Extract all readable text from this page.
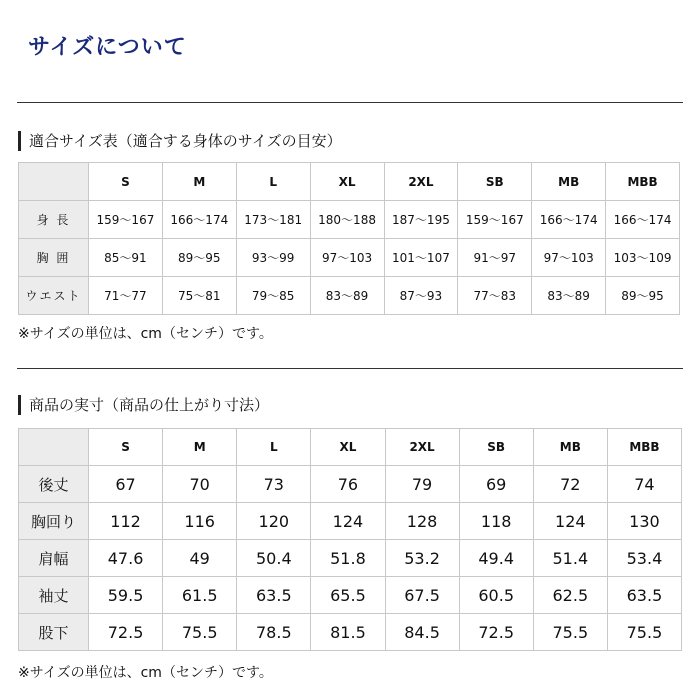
サイズについて
適合サイズ表（適合する身体のサイズの目安）
	S	M	L	XL	2XL	SB	MB	MBB
身 長	159〜167	166〜174	173〜181	180〜188	187〜195	159〜167	166〜174	166〜174
胸 囲	85〜91	89〜95	93〜99	97〜103	101〜107	91〜97	97〜103	103〜109
ウエスト	71〜77	75〜81	79〜85	83〜89	87〜93	77〜83	83〜89	89〜95
※サイズの単位は、cm（センチ）です。
商品の実寸（商品の仕上がり寸法）
	S	M	L	XL	2XL	SB	MB	MBB
後丈	67	70	73	76	79	69	72	74
胸回り	112	116	120	124	128	118	124	130
肩幅	47.6	49	50.4	51.8	53.2	49.4	51.4	53.4
袖丈	59.5	61.5	63.5	65.5	67.5	60.5	62.5	63.5
股下	72.5	75.5	78.5	81.5	84.5	72.5	75.5	75.5
※サイズの単位は、cm（センチ）です。
